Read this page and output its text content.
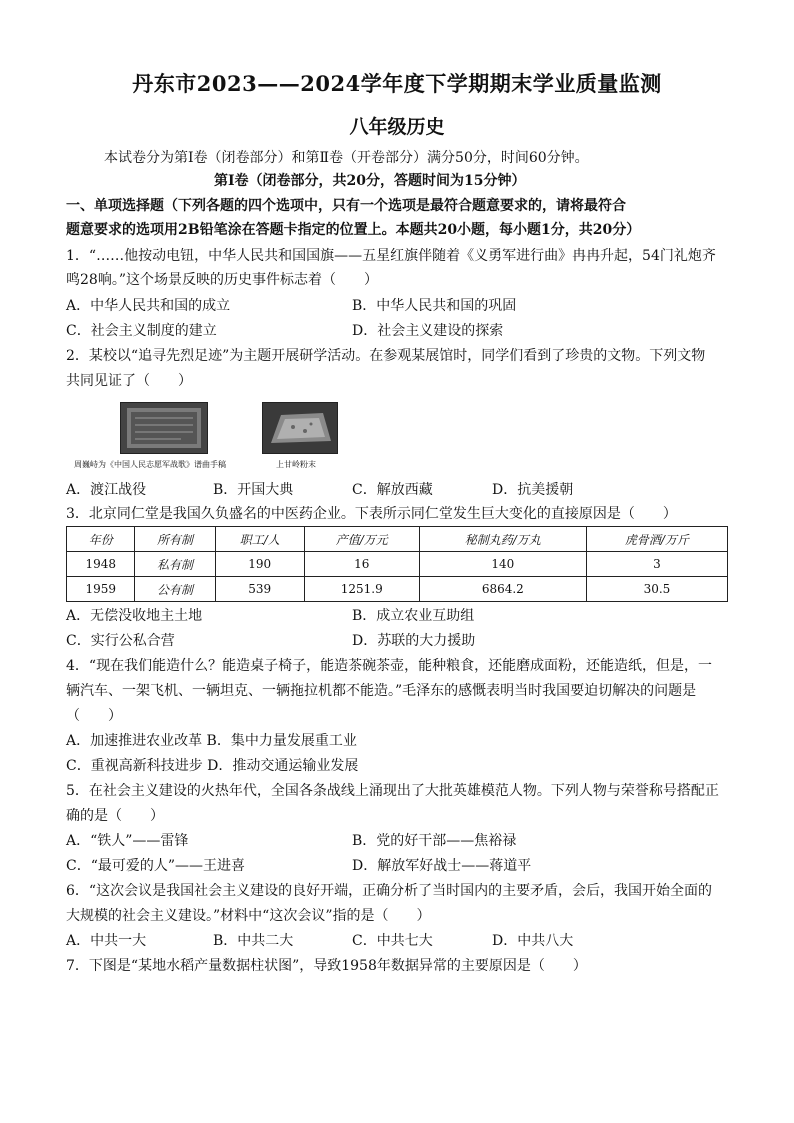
丹东市2023——2024学年度下学期期末学业质量监测
八年级历史
本试卷分为第Ⅰ卷（闭卷部分）和第Ⅱ卷（开卷部分）满分50分，时间60分钟。
第Ⅰ卷（闭卷部分，共20分，答题时间为15分钟）
一、单项选择题（下列各题的四个选项中，只有一个选项是最符合题意要求的，请将最符合
题意要求的选项用2B铅笔涂在答题卡指定的位置上。本题共20小题，每小题1分，共20分）
1．“……他按动电钮，中华人民共和国国旗——五星红旗伴随着《义勇军进行曲》冉冉升起，54门礼炮齐
鸣28响。”这个场景反映的历史事件标志着（　　）
A．中华人民共和国的成立	B．中华人民共和国的巩固
C．社会主义制度的建立	D．社会主义建设的探索
2．某校以“追寻先烈足迹”为主题开展研学活动。在参观某展馆时，同学们看到了珍贵的文物。下列文物
共同见证了（　　）
周巍峙为《中国人民志愿军战歌》谱曲手稿	上甘岭粉末
A．渡江战役	B．开国大典	C．解放西藏	D．抗美援朝
3．北京同仁堂是我国久负盛名的中医药企业。下表所示同仁堂发生巨大变化的直接原因是（　　）
年份	所有制	职工/人	产值/万元	秘制丸药/万丸	虎骨酒/万斤
1948	私有制	190	16	140	3
1959	公有制	539	1251.9	6864.2	30.5
A．无偿没收地主土地	B．成立农业互助组
C．实行公私合营	D．苏联的大力援助
4．“现在我们能造什么？能造桌子椅子，能造茶碗茶壶，能种粮食，还能磨成面粉，还能造纸，但是，一
辆汽车、一架飞机、一辆坦克、一辆拖拉机都不能造。”毛泽东的感慨表明当时我国要迫切解决的问题是
（　　）
A．加速推进农业改革 B．集中力量发展重工业
C．重视高新科技进步 D．推动交通运输业发展
5．在社会主义建设的火热年代，全国各条战线上涌现出了大批英雄模范人物。下列人物与荣誉称号搭配正
确的是（　　）
A．“铁人”——雷锋	B．党的好干部——焦裕禄
C．“最可爱的人”——王进喜	D．解放军好战士——蒋道平
6．“这次会议是我国社会主义建设的良好开端，正确分析了当时国内的主要矛盾，会后，我国开始全面的
大规模的社会主义建设。”材料中“这次会议”指的是（　　）
A．中共一大	B．中共二大	C．中共七大	D．中共八大
7．下图是“某地水稻产量数据柱状图”，导致1958年数据异常的主要原因是（　　）
